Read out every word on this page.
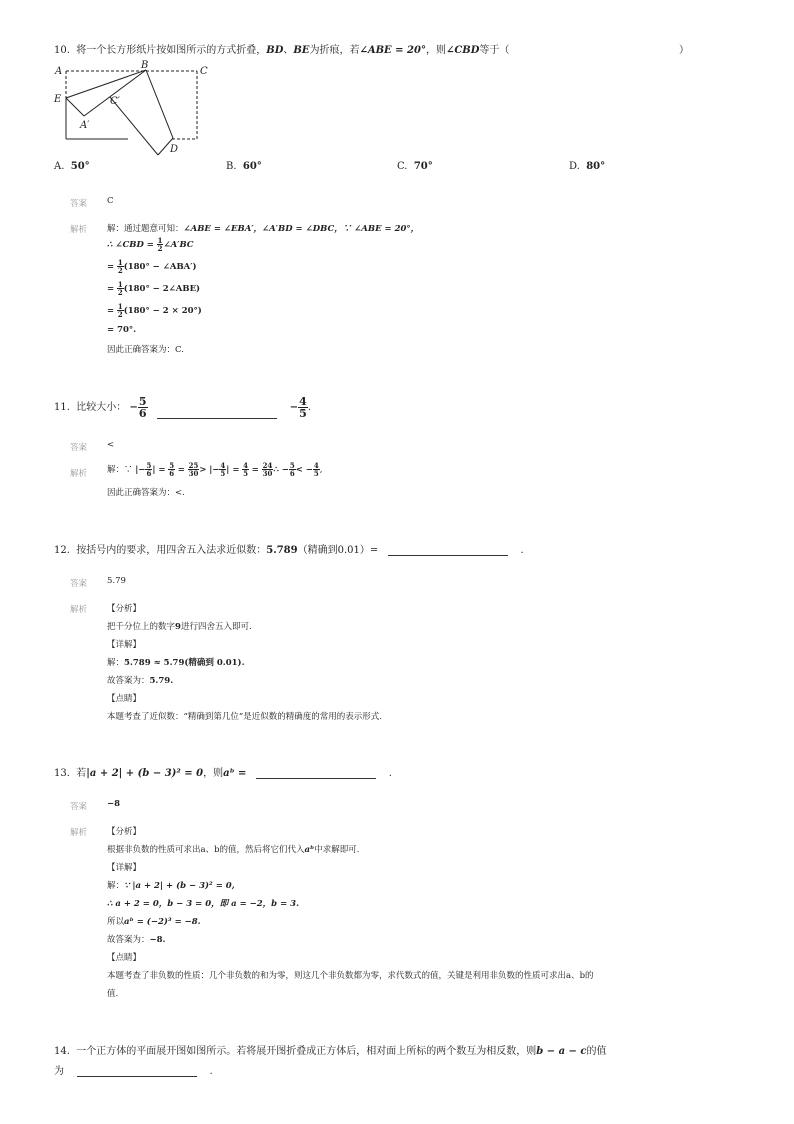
10. 将一个长方形纸片按如图所示的方式折叠，BD、BE为折痕，若∠ABE = 20°，则∠CBD等于（	）
A
B
C
E	C′
A′
D
A. 50°	B. 60°	C. 70°	D. 80°
答案 C
解析 解：通过题意可知：∠ABE = ∠EBA′，∠A′BD = ∠DBC，∵ ∠ABE = 20°，
∴ ∠CBD = $\frac{1}{2}$ ∠A′BC
= $\frac{1}{2} (180^\circ$ − ∠ABA′)
= $\frac{1}{2} (180^\circ$ − 2∠ABE)
= $\frac{1}{2} (180^\circ - 2 \times 20^\circ)$
= 70°.
因此正确答案为：C.
11. 比较大小： − $\frac{5}{6}$	− $\frac{4}{5}$ .
答案 <
解析 解：∵ |− $\frac{5}{6}$ | = $\frac{5}{6} = \frac{25}{30}$ > |− $\frac{4}{5}$ | = $\frac{4}{5} = \frac{24}{30}$ ∴ − $\frac{5}{6}$ < − $\frac{4}{5}$ ,
因此正确答案为：<.
12. 按括号内的要求，用四舍五入法求近似数：5.789（精确到0.01）=	.
答案 5.79
解析 【分析】
把千分位上的数字9进行四舍五入即可.
【详解】
解：5.789 ≈ 5.79(精确到 0.01).
故答案为：5.79.
【点睛】
本题考查了近似数：“精确到第几位”是近似数的精确度的常用的表示形式.
13. 若|a + 2| + (b − 3)² = 0，则aᵇ =	.
答案 −8
解析 【分析】
根据非负数的性质可求出a、b的值，然后将它们代入aᵇ中求解即可.
【详解】
解：∵ |a + 2| + (b − 3)² = 0,
∴ a + 2 = 0，b − 3 = 0，即 a = −2，b = 3.
所以aᵇ = (−2)³ = −8.
故答案为：−8.
【点睛】
本题考查了非负数的性质：几个非负数的和为零，则这几个非负数都为零，求代数式的值，关键是利用非负数的性质可求出a、b的
值.
14. 一个正方体的平面展开图如图所示。若将展开图折叠成正方体后，相对面上所标的两个数互为相反数，则b − a − c的值
为	.
